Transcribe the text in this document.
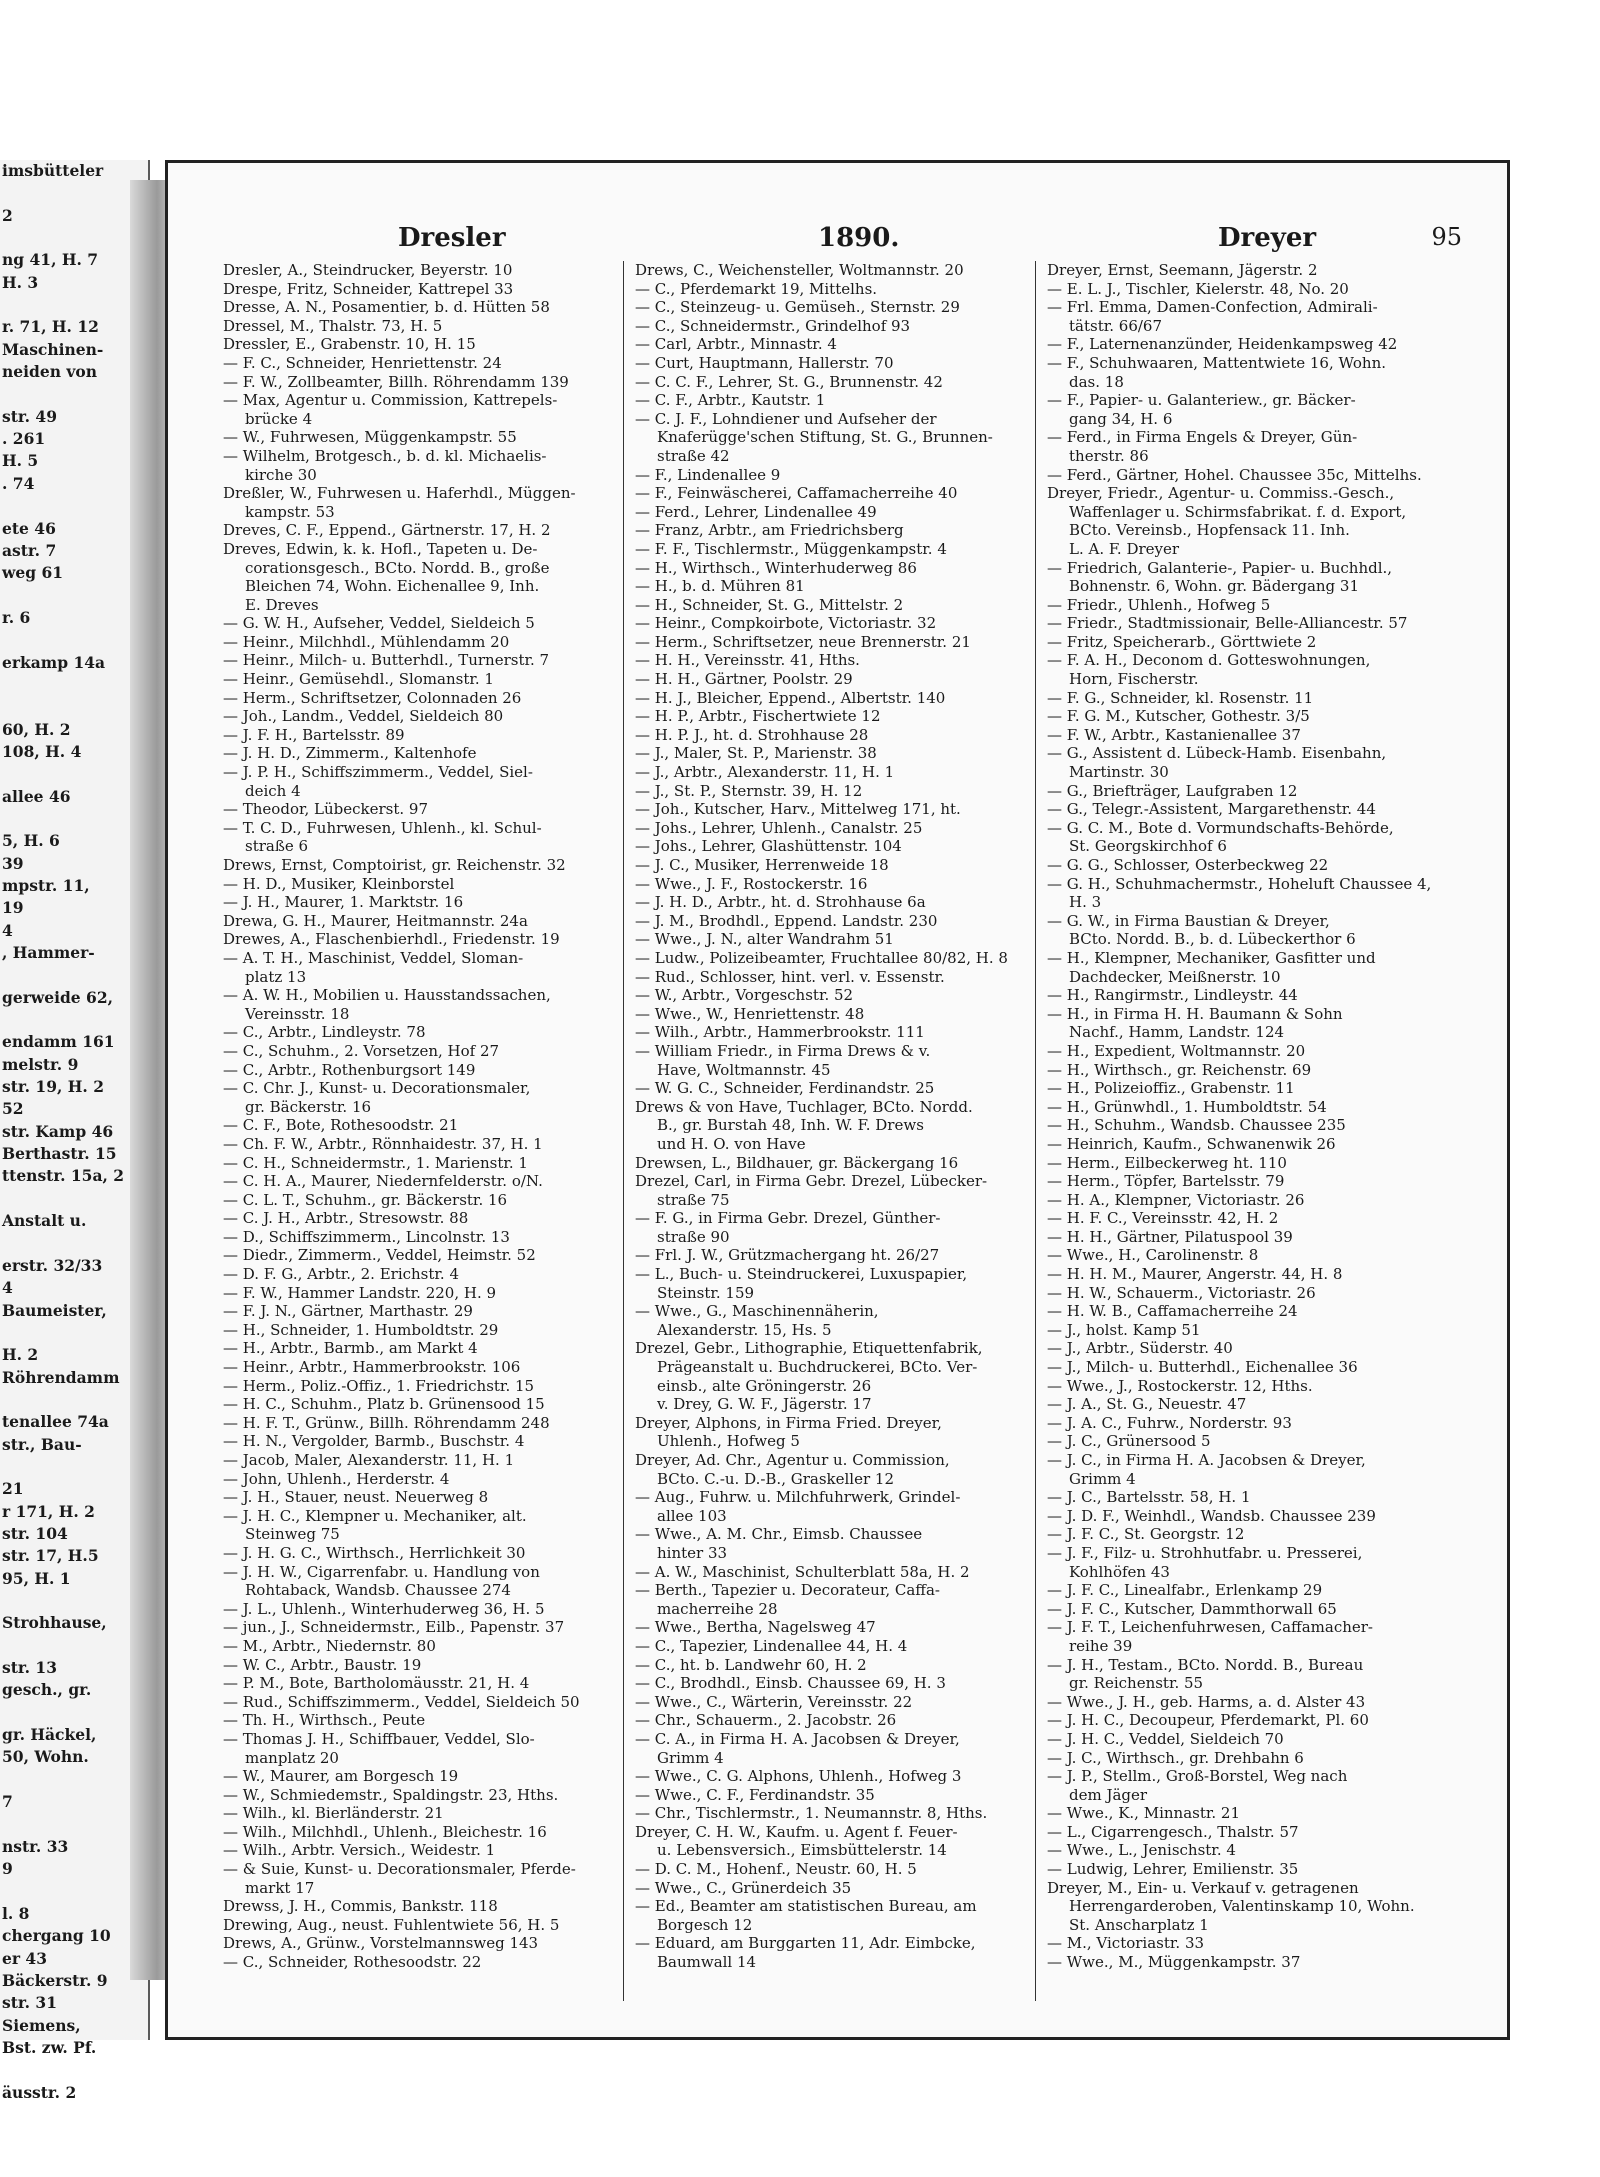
imsbütteler
2
ng 41, H. 7
H. 3
r. 71, H. 12
Maschinen-
neiden von
str. 49
. 261
H. 5
. 74
ete 46
astr. 7
weg 61
r. 6
erkamp 14a
60, H. 2
108, H. 4
allee 46
5, H. 6
39
mpstr. 11,
19
4
, Hammer-
gerweide 62,
endamm 161
melstr. 9
str. 19, H. 2
52
str. Kamp 46
Berthastr. 15
ttenstr. 15a, 2
Anstalt u.
erstr. 32/33
4
Baumeister,
H. 2
Röhrendamm
tenallee 74a
str., Bau-
21
r 171, H. 2
str. 104
str. 17, H.5
95, H. 1
Strohhause,
str. 13
gesch., gr.
gr. Häckel,
50, Wohn.
7
nstr. 33
9
l. 8
chergang 10
er 43
Bäckerstr. 9
str. 31
Siemens,
Bst. zw. Pf.
äusstr. 2
Dresler	1890.	Dreyer	95
Dresler, A., Steindrucker, Beyerstr. 10
Drespe, Fritz, Schneider, Kattrepel 33
Dresse, A. N., Posamentier, b. d. Hütten 58
Dressel, M., Thalstr. 73, H. 5
Dressler, E., Grabenstr. 10, H. 15
— F. C., Schneider, Henriettenstr. 24
— F. W., Zollbeamter, Billh. Röhrendamm 139
— Max, Agentur u. Commission, Kattrepels-
brücke 4
— W., Fuhrwesen, Müggenkampstr. 55
— Wilhelm, Brotgesch., b. d. kl. Michaelis-
kirche 30
Dreßler, W., Fuhrwesen u. Haferhdl., Müggen-
kampstr. 53
Dreves, C. F., Eppend., Gärtnerstr. 17, H. 2
Dreves, Edwin, k. k. Hofl., Tapeten u. De-
corationsgesch., BCto. Nordd. B., große
Bleichen 74, Wohn. Eichenallee 9, Inh.
E. Dreves
— G. W. H., Aufseher, Veddel, Sieldeich 5
— Heinr., Milchhdl., Mühlendamm 20
— Heinr., Milch- u. Butterhdl., Turnerstr. 7
— Heinr., Gemüsehdl., Slomanstr. 1
— Herm., Schriftsetzer, Colonnaden 26
— Joh., Landm., Veddel, Sieldeich 80
— J. F. H., Bartelsstr. 89
— J. H. D., Zimmerm., Kaltenhofe
— J. P. H., Schiffszimmerm., Veddel, Siel-
deich 4
— Theodor, Lübeckerst. 97
— T. C. D., Fuhrwesen, Uhlenh., kl. Schul-
straße 6
Drews, Ernst, Comptoirist, gr. Reichenstr. 32
— H. D., Musiker, Kleinborstel
— J. H., Maurer, 1. Marktstr. 16
Drewa, G. H., Maurer, Heitmannstr. 24a
Drewes, A., Flaschenbierhdl., Friedenstr. 19
— A. T. H., Maschinist, Veddel, Sloman-
platz 13
— A. W. H., Mobilien u. Hausstandssachen,
Vereinsstr. 18
— C., Arbtr., Lindleystr. 78
— C., Schuhm., 2. Vorsetzen, Hof 27
— C., Arbtr., Rothenburgsort 149
— C. Chr. J., Kunst- u. Decorationsmaler,
gr. Bäckerstr. 16
— C. F., Bote, Rothesoodstr. 21
— Ch. F. W., Arbtr., Rönnhaidestr. 37, H. 1
— C. H., Schneidermstr., 1. Marienstr. 1
— C. H. A., Maurer, Niedernfelderstr. o/N.
— C. L. T., Schuhm., gr. Bäckerstr. 16
— C. J. H., Arbtr., Stresowstr. 88
— D., Schiffszimmerm., Lincolnstr. 13
— Diedr., Zimmerm., Veddel, Heimstr. 52
— D. F. G., Arbtr., 2. Erichstr. 4
— F. W., Hammer Landstr. 220, H. 9
— F. J. N., Gärtner, Marthastr. 29
— H., Schneider, 1. Humboldtstr. 29
— H., Arbtr., Barmb., am Markt 4
— Heinr., Arbtr., Hammerbrookstr. 106
— Herm., Poliz.-Offiz., 1. Friedrichstr. 15
— H. C., Schuhm., Platz b. Grünensood 15
— H. F. T., Grünw., Billh. Röhrendamm 248
— H. N., Vergolder, Barmb., Buschstr. 4
— Jacob, Maler, Alexanderstr. 11, H. 1
— John, Uhlenh., Herderstr. 4
— J. H., Stauer, neust. Neuerweg 8
— J. H. C., Klempner u. Mechaniker, alt.
Steinweg 75
— J. H. G. C., Wirthsch., Herrlichkeit 30
— J. H. W., Cigarrenfabr. u. Handlung von
Rohtaback, Wandsb. Chaussee 274
— J. L., Uhlenh., Winterhuderweg 36, H. 5
— jun., J., Schneidermstr., Eilb., Papenstr. 37
— M., Arbtr., Niedernstr. 80
— W. C., Arbtr., Baustr. 19
— P. M., Bote, Bartholomäusstr. 21, H. 4
— Rud., Schiffszimmerm., Veddel, Sieldeich 50
— Th. H., Wirthsch., Peute
— Thomas J. H., Schiffbauer, Veddel, Slo-
manplatz 20
— W., Maurer, am Borgesch 19
— W., Schmiedemstr., Spaldingstr. 23, Hths.
— Wilh., kl. Bierländerstr. 21
— Wilh., Milchhdl., Uhlenh., Bleichestr. 16
— Wilh., Arbtr. Versich., Weidestr. 1
— & Suie, Kunst- u. Decorationsmaler, Pferde-
markt 17
Drewss, J. H., Commis, Bankstr. 118
Drewing, Aug., neust. Fuhlentwiete 56, H. 5
Drews, A., Grünw., Vorstelmannsweg 143
— C., Schneider, Rothesoodstr. 22
Drews, C., Weichensteller, Woltmannstr. 20
— C., Pferdemarkt 19, Mittelhs.
— C., Steinzeug- u. Gemüseh., Sternstr. 29
— C., Schneidermstr., Grindelhof 93
— Carl, Arbtr., Minnastr. 4
— Curt, Hauptmann, Hallerstr. 70
— C. C. F., Lehrer, St. G., Brunnenstr. 42
— C. F., Arbtr., Kautstr. 1
— C. J. F., Lohndiener und Aufseher der
Knaferügge'schen Stiftung, St. G., Brunnen-
straße 42
— F., Lindenallee 9
— F., Feinwäscherei, Caffamacherreihe 40
— Ferd., Lehrer, Lindenallee 49
— Franz, Arbtr., am Friedrichsberg
— F. F., Tischlermstr., Müggenkampstr. 4
— H., Wirthsch., Winterhuderweg 86
— H., b. d. Mühren 81
— H., Schneider, St. G., Mittelstr. 2
— Heinr., Compkoirbote, Victoriastr. 32
— Herm., Schriftsetzer, neue Brennerstr. 21
— H. H., Vereinsstr. 41, Hths.
— H. H., Gärtner, Poolstr. 29
— H. J., Bleicher, Eppend., Albertstr. 140
— H. P., Arbtr., Fischertwiete 12
— H. P. J., ht. d. Strohhause 28
— J., Maler, St. P., Marienstr. 38
— J., Arbtr., Alexanderstr. 11, H. 1
— J., St. P., Sternstr. 39, H. 12
— Joh., Kutscher, Harv., Mittelweg 171, ht.
— Johs., Lehrer, Uhlenh., Canalstr. 25
— Johs., Lehrer, Glashüttenstr. 104
— J. C., Musiker, Herrenweide 18
— Wwe., J. F., Rostockerstr. 16
— J. H. D., Arbtr., ht. d. Strohhause 6a
— J. M., Brodhdl., Eppend. Landstr. 230
— Wwe., J. N., alter Wandrahm 51
— Ludw., Polizeibeamter, Fruchtallee 80/82, H. 8
— Rud., Schlosser, hint. verl. v. Essenstr.
— W., Arbtr., Vorgeschstr. 52
— Wwe., W., Henriettenstr. 48
— Wilh., Arbtr., Hammerbrookstr. 111
— William Friedr., in Firma Drews & v.
Have, Woltmannstr. 45
— W. G. C., Schneider, Ferdinandstr. 25
Drews & von Have, Tuchlager, BCto. Nordd.
B., gr. Burstah 48, Inh. W. F. Drews
und H. O. von Have
Drewsen, L., Bildhauer, gr. Bäckergang 16
Drezel, Carl, in Firma Gebr. Drezel, Lübecker-
straße 75
— F. G., in Firma Gebr. Drezel, Günther-
straße 90
— Frl. J. W., Grützmachergang ht. 26/27
— L., Buch- u. Steindruckerei, Luxuspapier,
Steinstr. 159
— Wwe., G., Maschinennäherin,
Alexanderstr. 15, Hs. 5
Drezel, Gebr., Lithographie, Etiquettenfabrik,
Prägeanstalt u. Buchdruckerei, BCto. Ver-
einsb., alte Gröningerstr. 26
v. Drey, G. W. F., Jägerstr. 17
Dreyer, Alphons, in Firma Fried. Dreyer,
Uhlenh., Hofweg 5
Dreyer, Ad. Chr., Agentur u. Commission,
BCto. C.-u. D.-B., Graskeller 12
— Aug., Fuhrw. u. Milchfuhrwerk, Grindel-
allee 103
— Wwe., A. M. Chr., Eimsb. Chaussee
hinter 33
— A. W., Maschinist, Schulterblatt 58a, H. 2
— Berth., Tapezier u. Decorateur, Caffa-
macherreihe 28
— Wwe., Bertha, Nagelsweg 47
— C., Tapezier, Lindenallee 44, H. 4
— C., ht. b. Landwehr 60, H. 2
— C., Brodhdl., Einsb. Chaussee 69, H. 3
— Wwe., C., Wärterin, Vereinsstr. 22
— Chr., Schauerm., 2. Jacobstr. 26
— C. A., in Firma H. A. Jacobsen & Dreyer,
Grimm 4
— Wwe., C. G. Alphons, Uhlenh., Hofweg 3
— Wwe., C. F., Ferdinandstr. 35
— Chr., Tischlermstr., 1. Neumannstr. 8, Hths.
Dreyer, C. H. W., Kaufm. u. Agent f. Feuer-
u. Lebensversich., Eimsbüttelerstr. 14
— D. C. M., Hohenf., Neustr. 60, H. 5
— Wwe., C., Grünerdeich 35
— Ed., Beamter am statistischen Bureau, am
Borgesch 12
— Eduard, am Burggarten 11, Adr. Eimbcke,
Baumwall 14
Dreyer, Ernst, Seemann, Jägerstr. 2
— E. L. J., Tischler, Kielerstr. 48, No. 20
— Frl. Emma, Damen-Confection, Admirali-
tätstr. 66/67
— F., Laternenanzünder, Heidenkampsweg 42
— F., Schuhwaaren, Mattentwiete 16, Wohn.
das. 18
— F., Papier- u. Galanteriew., gr. Bäcker-
gang 34, H. 6
— Ferd., in Firma Engels & Dreyer, Gün-
therstr. 86
— Ferd., Gärtner, Hohel. Chaussee 35c, Mittelhs.
Dreyer, Friedr., Agentur- u. Commiss.-Gesch.,
Waffenlager u. Schirmsfabrikat. f. d. Export,
BCto. Vereinsb., Hopfensack 11. Inh.
L. A. F. Dreyer
— Friedrich, Galanterie-, Papier- u. Buchhdl.,
Bohnenstr. 6, Wohn. gr. Bädergang 31
— Friedr., Uhlenh., Hofweg 5
— Friedr., Stadtmissionair, Belle-Alliancestr. 57
— Fritz, Speicherarb., Görttwiete 2
— F. A. H., Deconom d. Gotteswohnungen,
Horn, Fischerstr.
— F. G., Schneider, kl. Rosenstr. 11
— F. G. M., Kutscher, Gothestr. 3/5
— F. W., Arbtr., Kastanienallee 37
— G., Assistent d. Lübeck-Hamb. Eisenbahn,
Martinstr. 30
— G., Briefträger, Laufgraben 12
— G., Telegr.-Assistent, Margarethenstr. 44
— G. C. M., Bote d. Vormundschafts-Behörde,
St. Georgskirchhof 6
— G. G., Schlosser, Osterbeckweg 22
— G. H., Schuhmachermstr., Hoheluft Chaussee 4,
H. 3
— G. W., in Firma Baustian & Dreyer,
BCto. Nordd. B., b. d. Lübeckerthor 6
— H., Klempner, Mechaniker, Gasfitter und
Dachdecker, Meißnerstr. 10
— H., Rangirmstr., Lindleystr. 44
— H., in Firma H. H. Baumann & Sohn
Nachf., Hamm, Landstr. 124
— H., Expedient, Woltmannstr. 20
— H., Wirthsch., gr. Reichenstr. 69
— H., Polizeioffiz., Grabenstr. 11
— H., Grünwhdl., 1. Humboldtstr. 54
— H., Schuhm., Wandsb. Chaussee 235
— Heinrich, Kaufm., Schwanenwik 26
— Herm., Eilbeckerweg ht. 110
— Herm., Töpfer, Bartelsstr. 79
— H. A., Klempner, Victoriastr. 26
— H. F. C., Vereinsstr. 42, H. 2
— H. H., Gärtner, Pilatuspool 39
— Wwe., H., Carolinenstr. 8
— H. H. M., Maurer, Angerstr. 44, H. 8
— H. W., Schauerm., Victoriastr. 26
— H. W. B., Caffamacherreihe 24
— J., holst. Kamp 51
— J., Arbtr., Süderstr. 40
— J., Milch- u. Butterhdl., Eichenallee 36
— Wwe., J., Rostockerstr. 12, Hths.
— J. A., St. G., Neuestr. 47
— J. A. C., Fuhrw., Norderstr. 93
— J. C., Grünersood 5
— J. C., in Firma H. A. Jacobsen & Dreyer,
Grimm 4
— J. C., Bartelsstr. 58, H. 1
— J. D. F., Weinhdl., Wandsb. Chaussee 239
— J. F. C., St. Georgstr. 12
— J. F., Filz- u. Strohhutfabr. u. Presserei,
Kohlhöfen 43
— J. F. C., Linealfabr., Erlenkamp 29
— J. F. C., Kutscher, Dammthorwall 65
— J. F. T., Leichenfuhrwesen, Caffamacher-
reihe 39
— J. H., Testam., BCto. Nordd. B., Bureau
gr. Reichenstr. 55
— Wwe., J. H., geb. Harms, a. d. Alster 43
— J. H. C., Decoupeur, Pferdemarkt, Pl. 60
— J. H. C., Veddel, Sieldeich 70
— J. C., Wirthsch., gr. Drehbahn 6
— J. P., Stellm., Groß-Borstel, Weg nach
dem Jäger
— Wwe., K., Minnastr. 21
— L., Cigarrengesch., Thalstr. 57
— Wwe., L., Jenischstr. 4
— Ludwig, Lehrer, Emilienstr. 35
Dreyer, M., Ein- u. Verkauf v. getragenen
Herrengarderoben, Valentinskamp 10, Wohn.
St. Anscharplatz 1
— M., Victoriastr. 33
— Wwe., M., Müggenkampstr. 37
